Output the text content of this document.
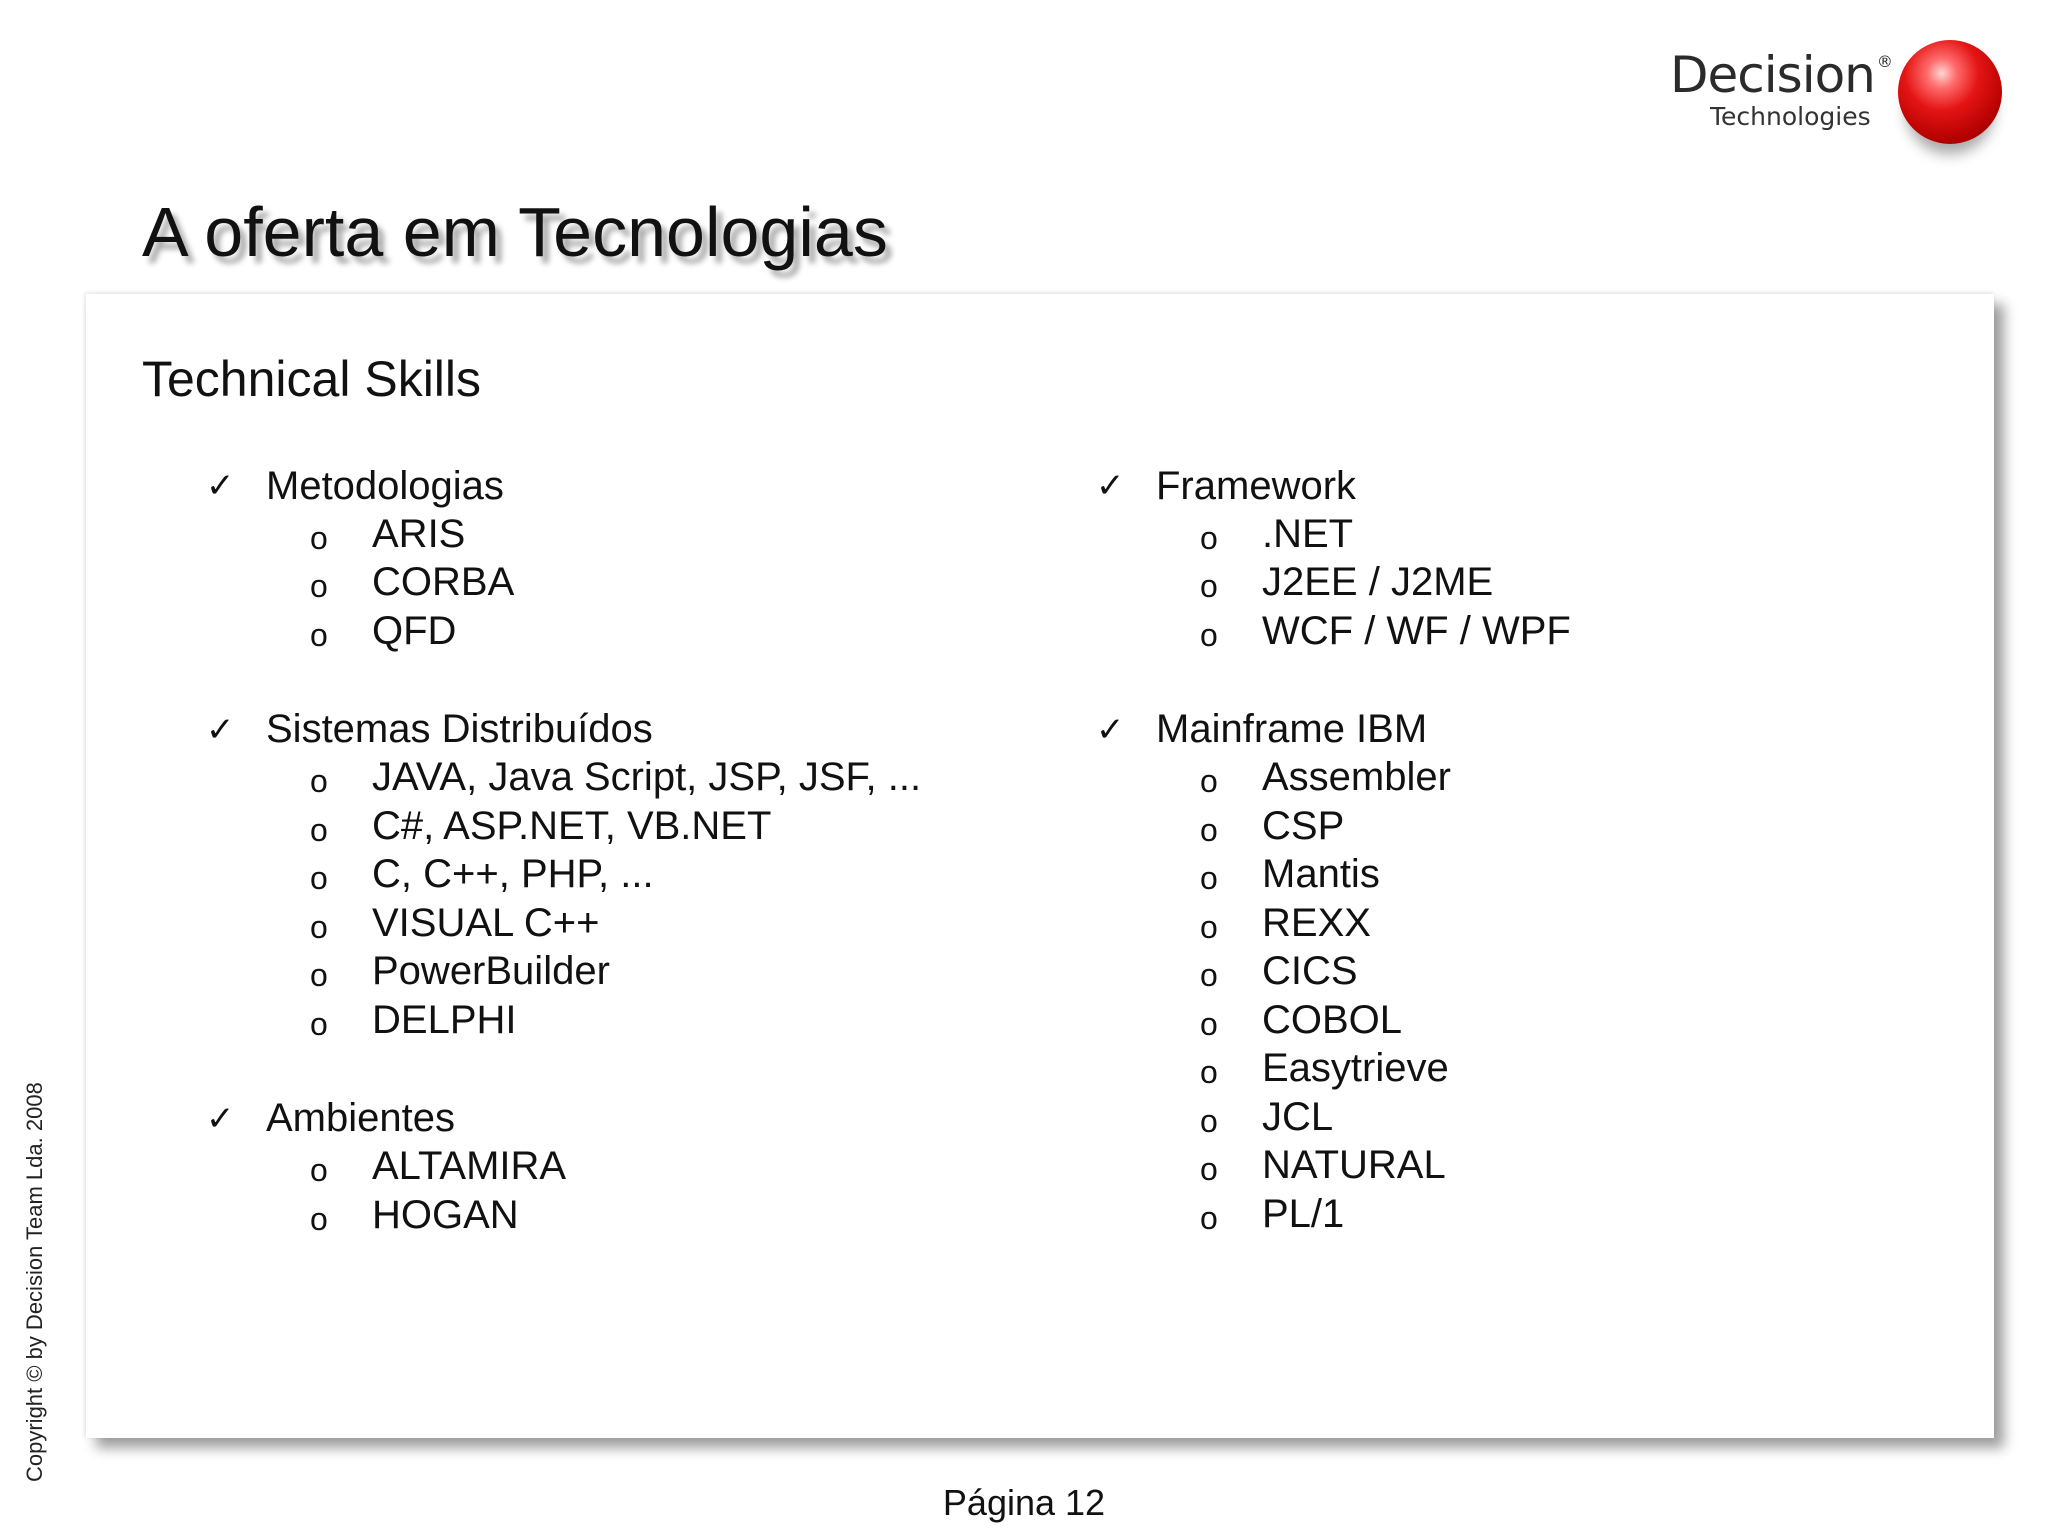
Decision ®
Technologies
A oferta em Tecnologias
Technical Skills
✓ Metodologias
o	ARIS
o	CORBA
o	QFD
✓ Sistemas Distribuídos
o	JAVA, Java Script, JSP, JSF, ...
o	C#, ASP.NET, VB.NET
o	C, C++, PHP, ...
o	VISUAL C++
o	PowerBuilder
o	DELPHI
✓ Ambientes
o	ALTAMIRA
o	HOGAN
✓ Framework
o	.NET
o	J2EE / J2ME
o	WCF / WF / WPF
✓ Mainframe IBM
o	Assembler
o	CSP
o	Mantis
o	REXX
o	CICS
o	COBOL
o	Easytrieve
o	JCL
o	NATURAL
o	PL/1
Copyright © by Decision Team Lda. 2008
Página 12
